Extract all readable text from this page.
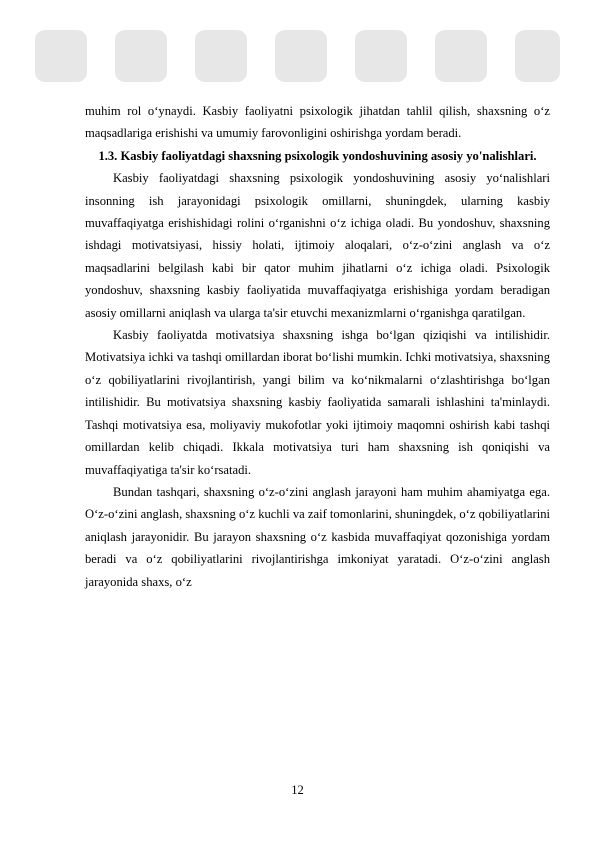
muhim rol o‘ynaydi. Kasbiy faoliyatni psixologik jihatdan tahlil qilish, shaxsning o‘z maqsadlariga erishishi va umumiy farovonligini oshirishga yordam beradi.

1.3. Kasbiy faoliyatdagi shaxsning psixologik yondoshuvining asosiy yo'nalishlari.

Kasbiy faoliyatdagi shaxsning psixologik yondoshuvining asosiy yo‘nalishlari insonning ish jarayonidagi psixologik omillarni, shuningdek, ularning kasbiy muvaffaqiyatga erishishidagi rolini o‘rganishni o‘z ichiga oladi. Bu yondoshuv, shaxsning ishdagi motivatsiyasi, hissiy holati, ijtimoiy aloqalari, o‘z-o‘zini anglash va o‘z maqsadlarini belgilash kabi bir qator muhim jihatlarni o‘z ichiga oladi. Psixologik yondoshuv, shaxsning kasbiy faoliyatida muvaffaqiyatga erishishiga yordam beradigan asosiy omillarni aniqlash va ularga ta'sir etuvchi mexanizmlarni o‘rganishga qaratilgan.

Kasbiy faoliyatda motivatsiya shaxsning ishga bo‘lgan qiziqishi va intilishidir. Motivatsiya ichki va tashqi omillardan iborat bo‘lishi mumkin. Ichki motivatsiya, shaxsning o‘z qobiliyatlarini rivojlantirish, yangi bilim va ko‘nikmalarni o‘zlashtirishga bo‘lgan intilishidir. Bu motivatsiya shaxsning kasbiy faoliyatida samarali ishlashini ta'minlaydi. Tashqi motivatsiya esa, moliyaviy mukofotlar yoki ijtimoiy maqomni oshirish kabi tashqi omillardan kelib chiqadi. Ikkala motivatsiya turi ham shaxsning ish qoniqishi va muvaffaqiyatiga ta'sir ko‘rsatadi.

Bundan tashqari, shaxsning o‘z-o‘zini anglash jarayoni ham muhim ahamiyatga ega. O‘z-o‘zini anglash, shaxsning o‘z kuchli va zaif tomonlarini, shuningdek, o‘z qobiliyatlarini aniqlash jarayonidir. Bu jarayon shaxsning o‘z kasbida muvaffaqiyat qozonishiga yordam beradi va o‘z qobiliyatlarini rivojlantirishga imkoniyat yaratadi. O‘z-o‘zini anglash jarayonida shaxs, o‘z

12
